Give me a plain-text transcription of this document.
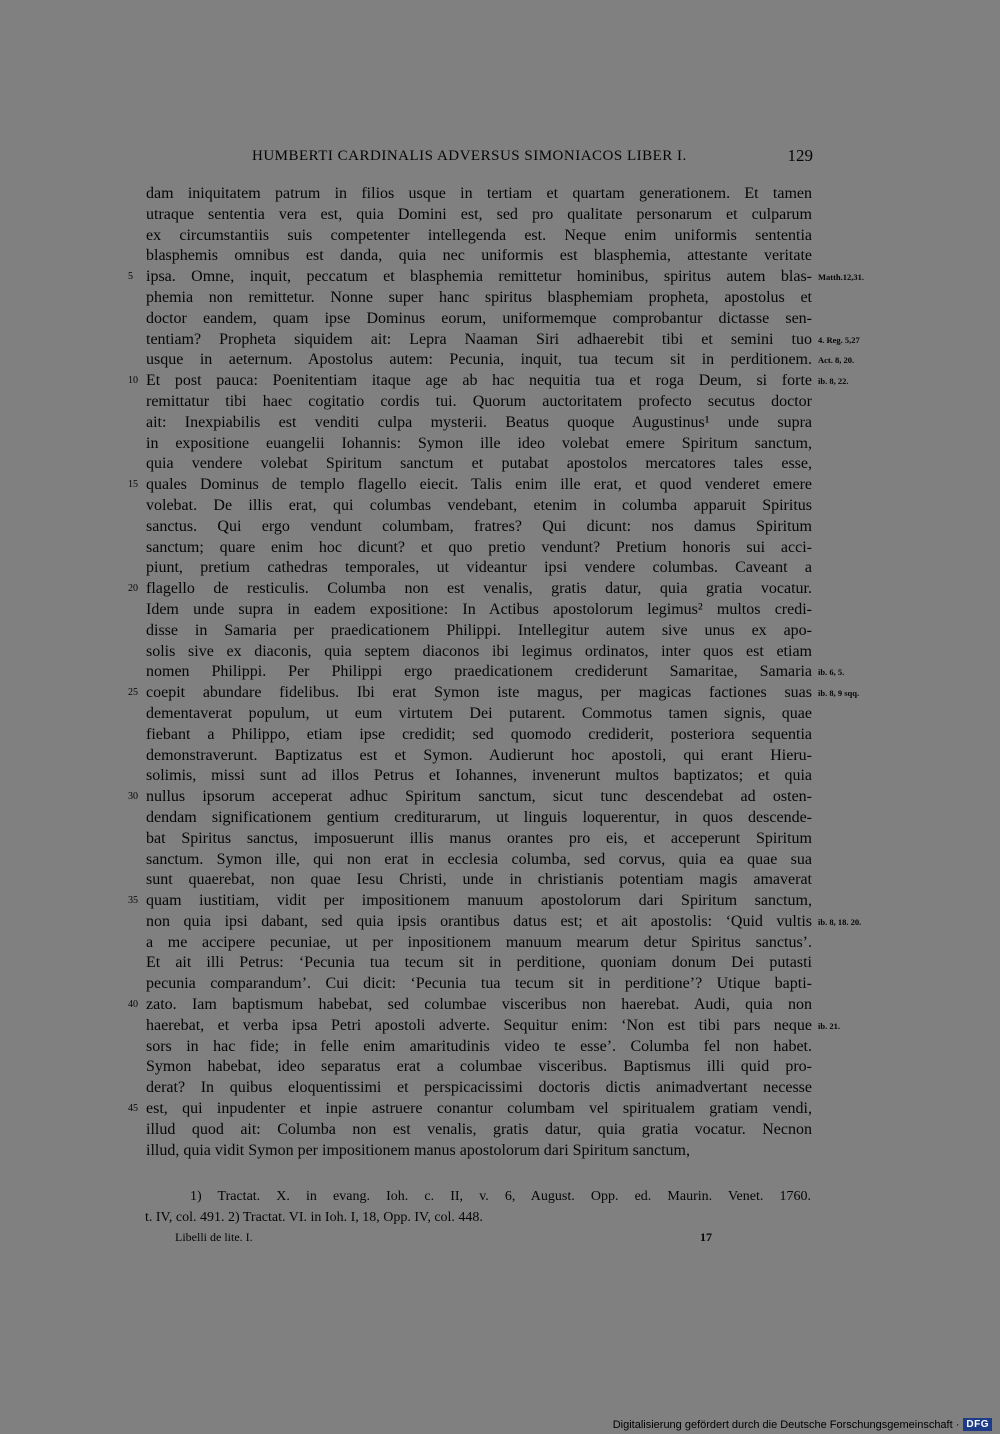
HUMBERTI CARDINALIS ADVERSUS SIMONIACOS LIBER I.	129
dam iniquitatem patrum in filios usque in tertiam et quartam generationem. Et tamen
utraque sententia vera est, quia Domini est, sed pro qualitate personarum et culparum
ex circumstantiis suis competenter intellegenda est. Neque enim uniformis sententia
blasphemis omnibus est danda, quia nec uniformis est blasphemia, attestante veritate
ipsa. Omne, inquit, peccatum et blasphemia remittetur hominibus, spiritus autem blas-
5	Matth.12,31.
phemia non remittetur. Nonne super hanc spiritus blasphemiam propheta, apostolus et
doctor eandem, quam ipse Dominus eorum, uniformemque comprobantur dictasse sen-
tentiam? Propheta siquidem ait: Lepra Naaman Siri adhaerebit tibi et semini tuo 4. Reg. 5,27
usque in aeternum. Apostolus autem: Pecunia, inquit, tua tecum sit in perditionem. Act. 8, 20.
Et post pauca: Poenitentiam itaque age ab hac nequitia tua et roga Deum, si forte
10	ib. 8, 22.
remittatur tibi haec cogitatio cordis tui. Quorum auctoritatem profecto secutus doctor
ait: Inexpiabilis est venditi culpa mysterii. Beatus quoque Augustinus¹ unde supra
in expositione euangelii Iohannis: Symon ille ideo volebat emere Spiritum sanctum,
quia vendere volebat Spiritum sanctum et putabat apostolos mercatores tales esse,
quales Dominus de templo flagello eiecit. Talis enim ille erat, et quod venderet emere
15
volebat. De illis erat, qui columbas vendebant, etenim in columba apparuit Spiritus
sanctus. Qui ergo vendunt columbam, fratres? Qui dicunt: nos damus Spiritum
sanctum; quare enim hoc dicunt? et quo pretio vendunt? Pretium honoris sui acci-
piunt, pretium cathedras temporales, ut videantur ipsi vendere columbas. Caveant a
flagello de resticulis. Columba non est venalis, gratis datur, quia gratia vocatur.
20
Idem unde supra in eadem expositione: In Actibus apostolorum legimus² multos credi-
disse in Samaria per praedicationem Philippi. Intellegitur autem sive unus ex apo-
solis sive ex diaconis, quia septem diaconos ibi legimus ordinatos, inter quos est etiam
nomen Philippi. Per Philippi ergo praedicationem crediderunt Samaritae, Samaria ib. 6, 5.
coepit abundare fidelibus. Ibi erat Symon iste magus, per magicas factiones suas
25	ib. 8, 9 sqq.
dementaverat populum, ut eum virtutem Dei putarent. Commotus tamen signis, quae
fiebant a Philippo, etiam ipse credidit; sed quomodo crediderit, posteriora sequentia
demonstraverunt. Baptizatus est et Symon. Audierunt hoc apostoli, qui erant Hieru-
solimis, missi sunt ad illos Petrus et Iohannes, invenerunt multos baptizatos; et quia
nullus ipsorum acceperat adhuc Spiritum sanctum, sicut tunc descendebat ad osten-
30
dendam significationem gentium crediturarum, ut linguis loquerentur, in quos descende-
bat Spiritus sanctus, imposuerunt illis manus orantes pro eis, et acceperunt Spiritum
sanctum. Symon ille, qui non erat in ecclesia columba, sed corvus, quia ea quae sua
sunt quaerebat, non quae Iesu Christi, unde in christianis potentiam magis amaverat
quam iustitiam, vidit per impositionem manuum apostolorum dari Spiritum sanctum,
35
non quia ipsi dabant, sed quia ipsis orantibus datus est; et ait apostolis: ‘Quid vultis ib. 8, 18. 20.
a me accipere pecuniae, ut per inpositionem manuum mearum detur Spiritus sanctus’.
Et ait illi Petrus: ‘Pecunia tua tecum sit in perditione, quoniam donum Dei putasti
pecunia comparandum’. Cui dicit: ‘Pecunia tua tecum sit in perditione’? Utique bapti-
zato. Iam baptismum habebat, sed columbae visceribus non haerebat. Audi, quia non
40
haerebat, et verba ipsa Petri apostoli adverte. Sequitur enim: ‘Non est tibi pars neque ib. 21.
sors in hac fide; in felle enim amaritudinis video te esse’. Columba fel non habet.
Symon habebat, ideo separatus erat a columbae visceribus. Baptismus illi quid pro-
derat? In quibus eloquentissimi et perspicacissimi doctoris dictis animadvertant necesse
est, qui inpudenter et inpie astruere conantur columbam vel spiritualem gratiam vendi,
45
illud quod ait: Columba non est venalis, gratis datur, quia gratia vocatur. Necnon
illud, quia vidit Symon per impositionem manus apostolorum dari Spiritum sanctum,
1) Tractat. X. in evang. Ioh. c. II, v. 6, August. Opp. ed. Maurin. Venet. 1760.
t. IV, col. 491. 2) Tractat. VI. in Ioh. I, 18, Opp. IV, col. 448.
Libelli de lite. I.	17
Digitalisierung gefördert durch die Deutsche Forschungsgemeinschaft · DFG
